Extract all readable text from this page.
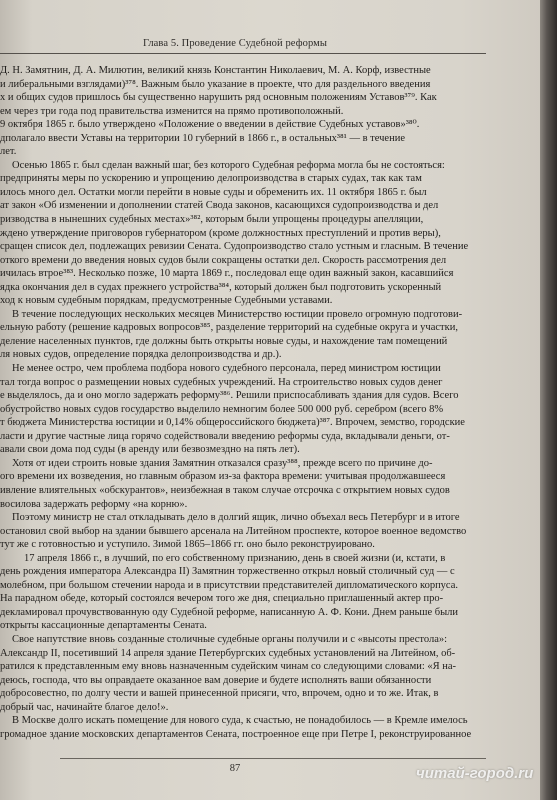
Глава 5. Проведение Судебной реформы
Д. Н. Замятнин, Д. А. Милютин, великий князь Константин Николаевич, М. А. Корф, известные
и либеральными взглядами)³⁷⁸. Важным было указание в проекте, что для раздельного введения
х и общих судов пришлось бы существенно нарушить ряд основным положениям Уставов³⁷⁹. Как
ем через три года под правительства изменится на прямо противоположный.
9 октября 1865 г. было утверждено «Положение о введении в действие Судебных уставов»³⁸⁰.
дполагало ввести Уставы на территории 10 губерний в 1866 г., в остальных³⁸¹ — в течение
лет.
Осенью 1865 г. был сделан важный шаг, без которого Судебная реформа могла бы не состояться:
предприняты меры по ускорению и упрощению делопроизводства в старых судах, так как там
илось много дел. Остатки могли перейти в новые суды и обременить их. 11 октября 1865 г. был
ат закон «Об изменении и дополнении статей Свода законов, касающихся судопроизводства и дел
ризводства в нынешних судебных местах»³⁸², которым были упрощены процедуры апелляции,
ждено утверждение приговоров губернатором (кроме должностных преступлений и против веры),
сращен список дел, подлежащих ревизии Сената. Судопроизводство стало устным и гласным. В течение
откого времени до введения новых судов были сокращены остатки дел. Скорость рассмотрения дел
ичилась втрое³⁸³. Несколько позже, 10 марта 1869 г., последовал еще один важный закон, касавшийся
ядка окончания дел в судах прежнего устройства³⁸⁴, который должен был подготовить ускоренный
ход к новым судебным порядкам, предусмотренные Судебными уставами.
В течение последующих нескольких месяцев Министерство юстиции провело огромную подготови-
ельную работу (решение кадровых вопросов³⁸⁵, разделение территорий на судебные округа и участки,
деление населенных пунктов, где должны быть открыты новые суды, и нахождение там помещений
ля новых судов, определение порядка делопроизводства и др.).
Не менее остро, чем проблема подбора нового судебного персонала, перед министром юстиции
тал тогда вопрос о размещении новых судебных учреждений. На строительство новых судов денег
е выделялось, да и оно могло задержать реформу³⁸⁶. Решили приспосабливать здания для судов. Всего
обустройство новых судов государство выделило немногим более 500 000 руб. серебром (всего 8%
т бюджета Министерства юстиции и 0,14% общероссийского бюджета)³⁸⁷. Впрочем, земство, городские
ласти и другие частные лица горячо содействовали введению реформы суда, вкладывали деньги, от-
авали свои дома под суды (в аренду или безвозмездно на пять лет).
Хотя от идеи строить новые здания Замятнин отказался сразу³⁸⁸, прежде всего по причине до-
ого времени их возведения, но главным образом из-за фактора времени: учитывая продолжавшееся
ивление влиятельных «обскурантов», неизбежная в таком случае отсрочка с открытием новых судов
восилова задержать реформу «на корню».
Поэтому министр не стал откладывать дело в долгий ящик, лично объехал весь Петербург и в итоге
остановил свой выбор на здании бывшего арсенала на Литейном проспекте, которое военное ведомство
тут же с готовностью и уступило. Зимой 1865–1866 гг. оно было реконструировано.
17 апреля 1866 г., в лучший, по его собственному признанию, день в своей жизни (и, кстати, в
день рождения императора Александра II) Замятнин торжественно открыл новый столичный суд — с
молебном, при большом стечении народа и в присутствии представителей дипломатического корпуса.
На парадном обеде, который состоялся вечером того же дня, специально приглашенный актер про-
декламировал прочувствованную оду Судебной реформе, написанную А. Ф. Кони. Днем раньше были
открыты кассационные департаменты Сената.
Свое напутствие вновь созданные столичные судебные органы получили и с «высоты престола»:
Александр II, посетивший 14 апреля здание Петербургских судебных установлений на Литейном, об-
ратился к представленным ему вновь назначенным судейским чинам со следующими словами: «Я на-
деюсь, господа, что вы оправдаете оказанное вам доверие и будете исполнять ваши обязанности
добросовестно, по долгу чести и вашей принесенной присяги, что, впрочем, одно и то же. Итак, в
добрый час, начинайте благое дело!».
В Москве долго искать помещение для нового суда, к счастью, не понадобилось — в Кремле имелось
громадное здание московских департаментов Сената, построенное еще при Петре I, реконструированное
87	читай-город.ru
